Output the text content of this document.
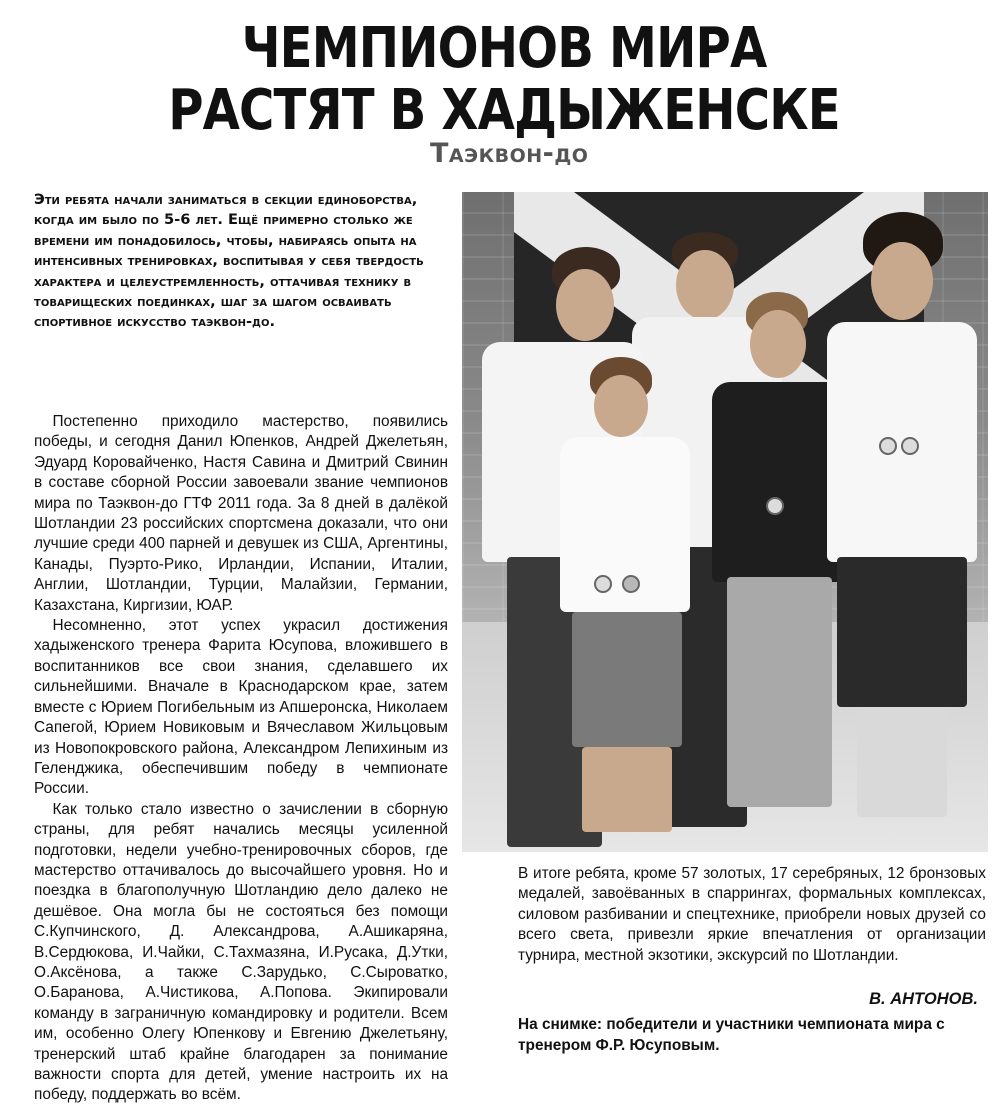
ЧЕМПИОНОВ МИРА
РАСТЯТ В ХАДЫЖЕНСКЕ
Таэквон-до

Эти ребята начали заниматься в секции единоборства, когда им было по 5-6 лет. Ещё примерно столько же времени им понадобилось, чтобы, набираясь опыта на интенсивных тренировках, воспитывая у себя твердость характера и целеустремленность, оттачивая технику в товарищеских поединках, шаг за шагом осваивать спортивное искусство таэквон-до.

Постепенно приходило мастерство, появились победы, и сегодня Данил Юпенков, Андрей Джелетьян, Эдуард Коровайченко, Настя Савина и Дмитрий Свинин в составе сборной России завоевали звание чемпионов мира по Таэквон-до ГТФ 2011 года. За 8 дней в далёкой Шотландии 23 российских спортсмена доказали, что они лучшие среди 400 парней и девушек из США, Аргентины, Канады, Пуэрто-Рико, Ирландии, Испании, Италии, Англии, Шотландии, Турции, Малайзии, Германии, Казахстана, Киргизии, ЮАР.

Несомненно, этот успех украсил достижения хадыженского тренера Фарита Юсупова, вложившего в воспитанников все свои знания, сделавшего их сильнейшими. Вначале в Краснодарском крае, затем вместе с Юрием Погибельным из Апшеронска, Николаем Сапегой, Юрием Новиковым и Вячеславом Жильцовым из Новопокровского района, Александром Лепихиным из Геленджика, обеспечившим победу в чемпионате России.

Как только стало известно о зачислении в сборную страны, для ребят начались месяцы усиленной подготовки, недели учебно-тренировочных сборов, где мастерство оттачивалось до высочайшего уровня. Но и поездка в благополучную Шотландию дело далеко не дешёвое. Она могла бы не состояться без помощи С.Купчинского, Д. Александрова, А.Ашикаряна, В.Сердюкова, И.Чайки, С.Тахмазяна, И.Русака, Д.Утки, О.Аксёнова, а также С.Зарудько, С.Сыроватко, О.Баранова, А.Чистикова, А.Попова. Экипировали команду в заграничную командировку и родители. Всем им, особенно Олегу Юпенкову и Евгению Джелетьяну, тренерский штаб крайне благодарен за понимание важности спорта для детей, умение настроить их на победу, поддержать во всём.

В итоге ребята, кроме 57 золотых, 17 серебряных, 12 бронзовых медалей, завоёванных в спаррингах, формальных комплексах, силовом разбивании и спецтехнике, приобрели новых друзей со всего света, привезли яркие впечатления от организации турнира, местной экзотики, экскурсий по Шотландии.

В. АНТОНОВ.

На снимке: победители и участники чемпионата мира с тренером Ф.Р. Юсуповым.
